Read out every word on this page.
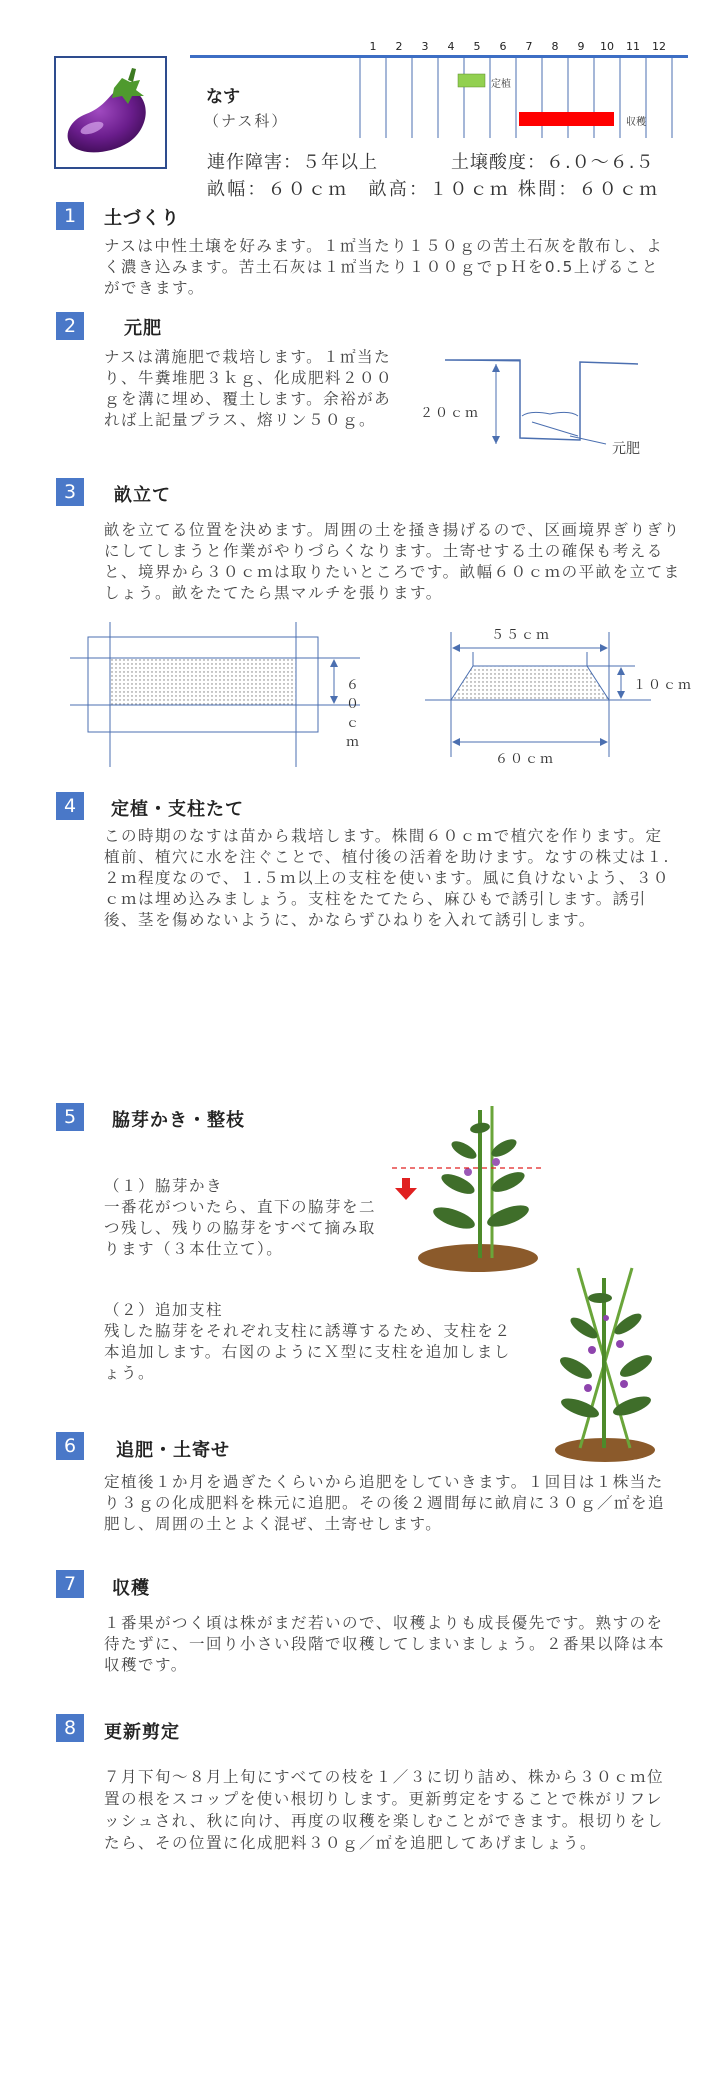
なす
（ナス科）
連作障害：５年以上	土壌酸度：６.０～６.５
畝幅：６０ｃｍ　畝高：１０ｃｍ 株間：６０ｃｍ
1	2	3	4	5	6	7	8	9	10	11	12
定植
収穫
1	土づくり
ナスは中性土壌を好みます。１㎡当たり１５０ｇの苦土石灰を散布し、よく濃き込みます。苦土石灰は１㎡当たり１００ｇでｐＨを0.5上げることができます。
2	元肥
ナスは溝施肥で栽培します。１㎡当たり、牛糞堆肥３ｋｇ、化成肥料２００ｇを溝に埋め、覆土します。余裕があれば上記量プラス、熔リン５０ｇ。	２０ｃｍ
元肥
3	畝立て
畝を立てる位置を決めます。周囲の土を掻き揚げるので、区画境界ぎりぎりにしてしまうと作業がやりづらくなります。土寄せする土の確保も考えると、境界から３０ｃｍは取りたいところです。畝幅６０ｃｍの平畝を立てましょう。畝をたてたら黒マルチを張ります。
６０ｃｍ
５５ｃｍ
１０ｃｍ
６０ｃｍ
4	定植・支柱たて
この時期のなすは苗から栽培します。株間６０ｃｍで植穴を作ります。定植前、植穴に水を注ぐことで、植付後の活着を助けます。なすの株丈は１.２ｍ程度なので、１.５ｍ以上の支柱を使います。風に負けないよう、３０ｃｍは埋め込みましょう。支柱をたてたら、麻ひもで誘引します。誘引後、茎を傷めないように、かならずひねりを入れて誘引します。
5	脇芽かき・整枝
（１）脇芽かき
一番花がついたら、直下の脇芽を二つ残し、残りの脇芽をすべて摘み取ります（３本仕立て）。
（２）追加支柱
残した脇芽をそれぞれ支柱に誘導するため、支柱を２本追加します。右図のようにＸ型に支柱を追加しましょう。
6	追肥・土寄せ
定植後１か月を過ぎたくらいから追肥をしていきます。１回目は１株当たり３ｇの化成肥料を株元に追肥。その後２週間毎に畝肩に３０ｇ／㎡を追肥し、周囲の土とよく混ぜ、土寄せします。
7	収穫
１番果がつく頃は株がまだ若いので、収穫よりも成長優先です。熟すのを待たずに、一回り小さい段階で収穫してしまいましょう。２番果以降は本収穫です。
8	更新剪定
７月下旬～８月上旬にすべての枝を１／３に切り詰め、株から３０ｃｍ位置の根をスコップを使い根切りします。更新剪定をすることで株がリフレッシュされ、秋に向け、再度の収穫を楽しむことができます。根切りをしたら、その位置に化成肥料３０ｇ／㎡を追肥してあげましょう。
